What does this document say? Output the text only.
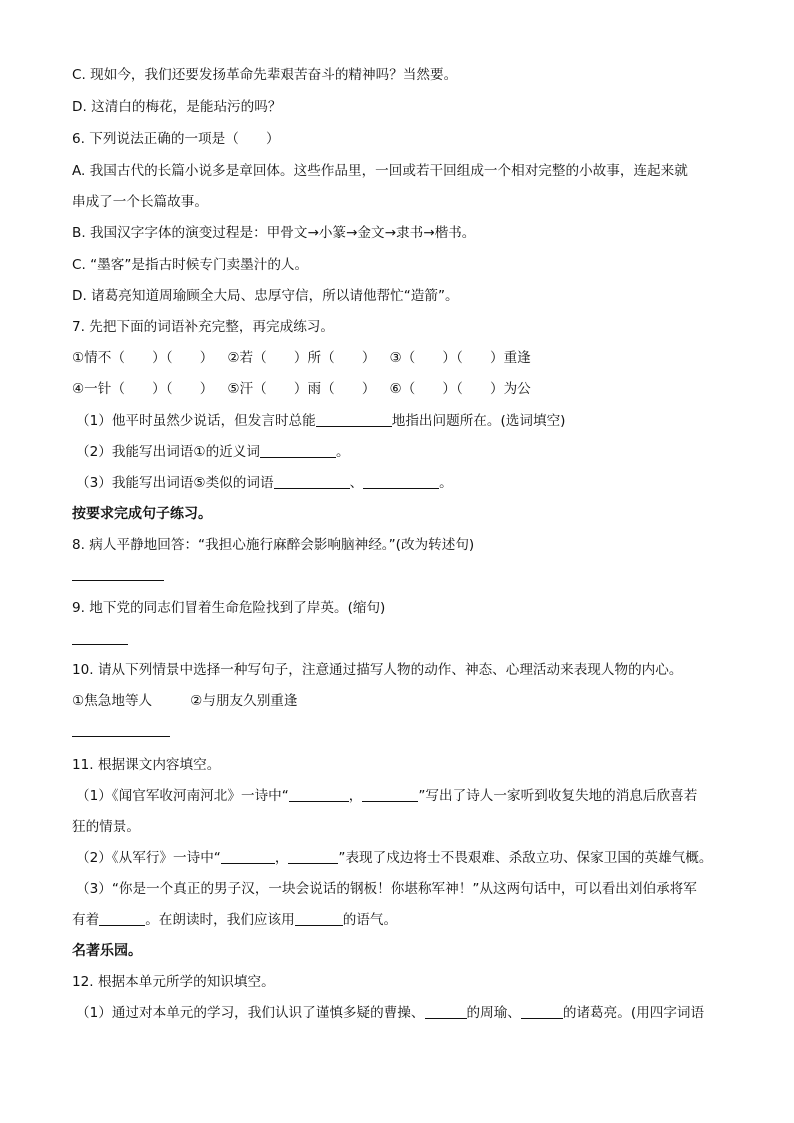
C. 现如今，我们还要发扬革命先辈艰苦奋斗的精神吗？当然要。
D. 这清白的梅花，是能玷污的吗？
6. 下列说法正确的一项是（　　）
A. 我国古代的长篇小说多是章回体。这些作品里，一回或若干回组成一个相对完整的小故事，连起来就
串成了一个长篇故事。
B. 我国汉字字体的演变过程是：甲骨文→小篆→金文→隶书→楷书。
C. “墨客”是指古时候专门卖墨汁的人。
D. 诸葛亮知道周瑜顾全大局、忠厚守信，所以请他帮忙“造箭”。
7. 先把下面的词语补充完整，再完成练习。
①情不（　　）（　　） ②若（　　）所（　　） ③（　　）（　　）重逢
④一针（　　）（　　） ⑤汗（　　）雨（　　） ⑥（　　）（　　）为公
（1）他平时虽然少说话，但发言时总能	地指出问题所在。(选词填空)
（2）我能写出词语①的近义词	。
（3）我能写出词语⑤类似的词语	、	。
按要求完成句子练习。
8. 病人平静地回答：“我担心施行麻醉会影响脑神经。”(改为转述句)
9. 地下党的同志们冒着生命危险找到了岸英。(缩句)
10. 请从下列情景中选择一种写句子，注意通过描写人物的动作、神态、心理活动来表现人物的内心。
①焦急地等人	②与朋友久别重逢
11. 根据课文内容填空。
（1）《闻官军收河南河北》一诗中“	，	”写出了诗人一家听到收复失地的消息后欣喜若
狂的情景。
（2）《从军行》一诗中“	，	”表现了戍边将士不畏艰难、杀敌立功、保家卫国的英雄气概。
（3）“你是一个真正的男子汉，一块会说话的钢板！你堪称军神！”从这两句话中，可以看出刘伯承将军
有着	。在朗读时，我们应该用	的语气。
名著乐园。
12. 根据本单元所学的知识填空。
（1）通过对本单元的学习，我们认识了谨慎多疑的曹操、	的周瑜、	的诸葛亮。(用四字词语
